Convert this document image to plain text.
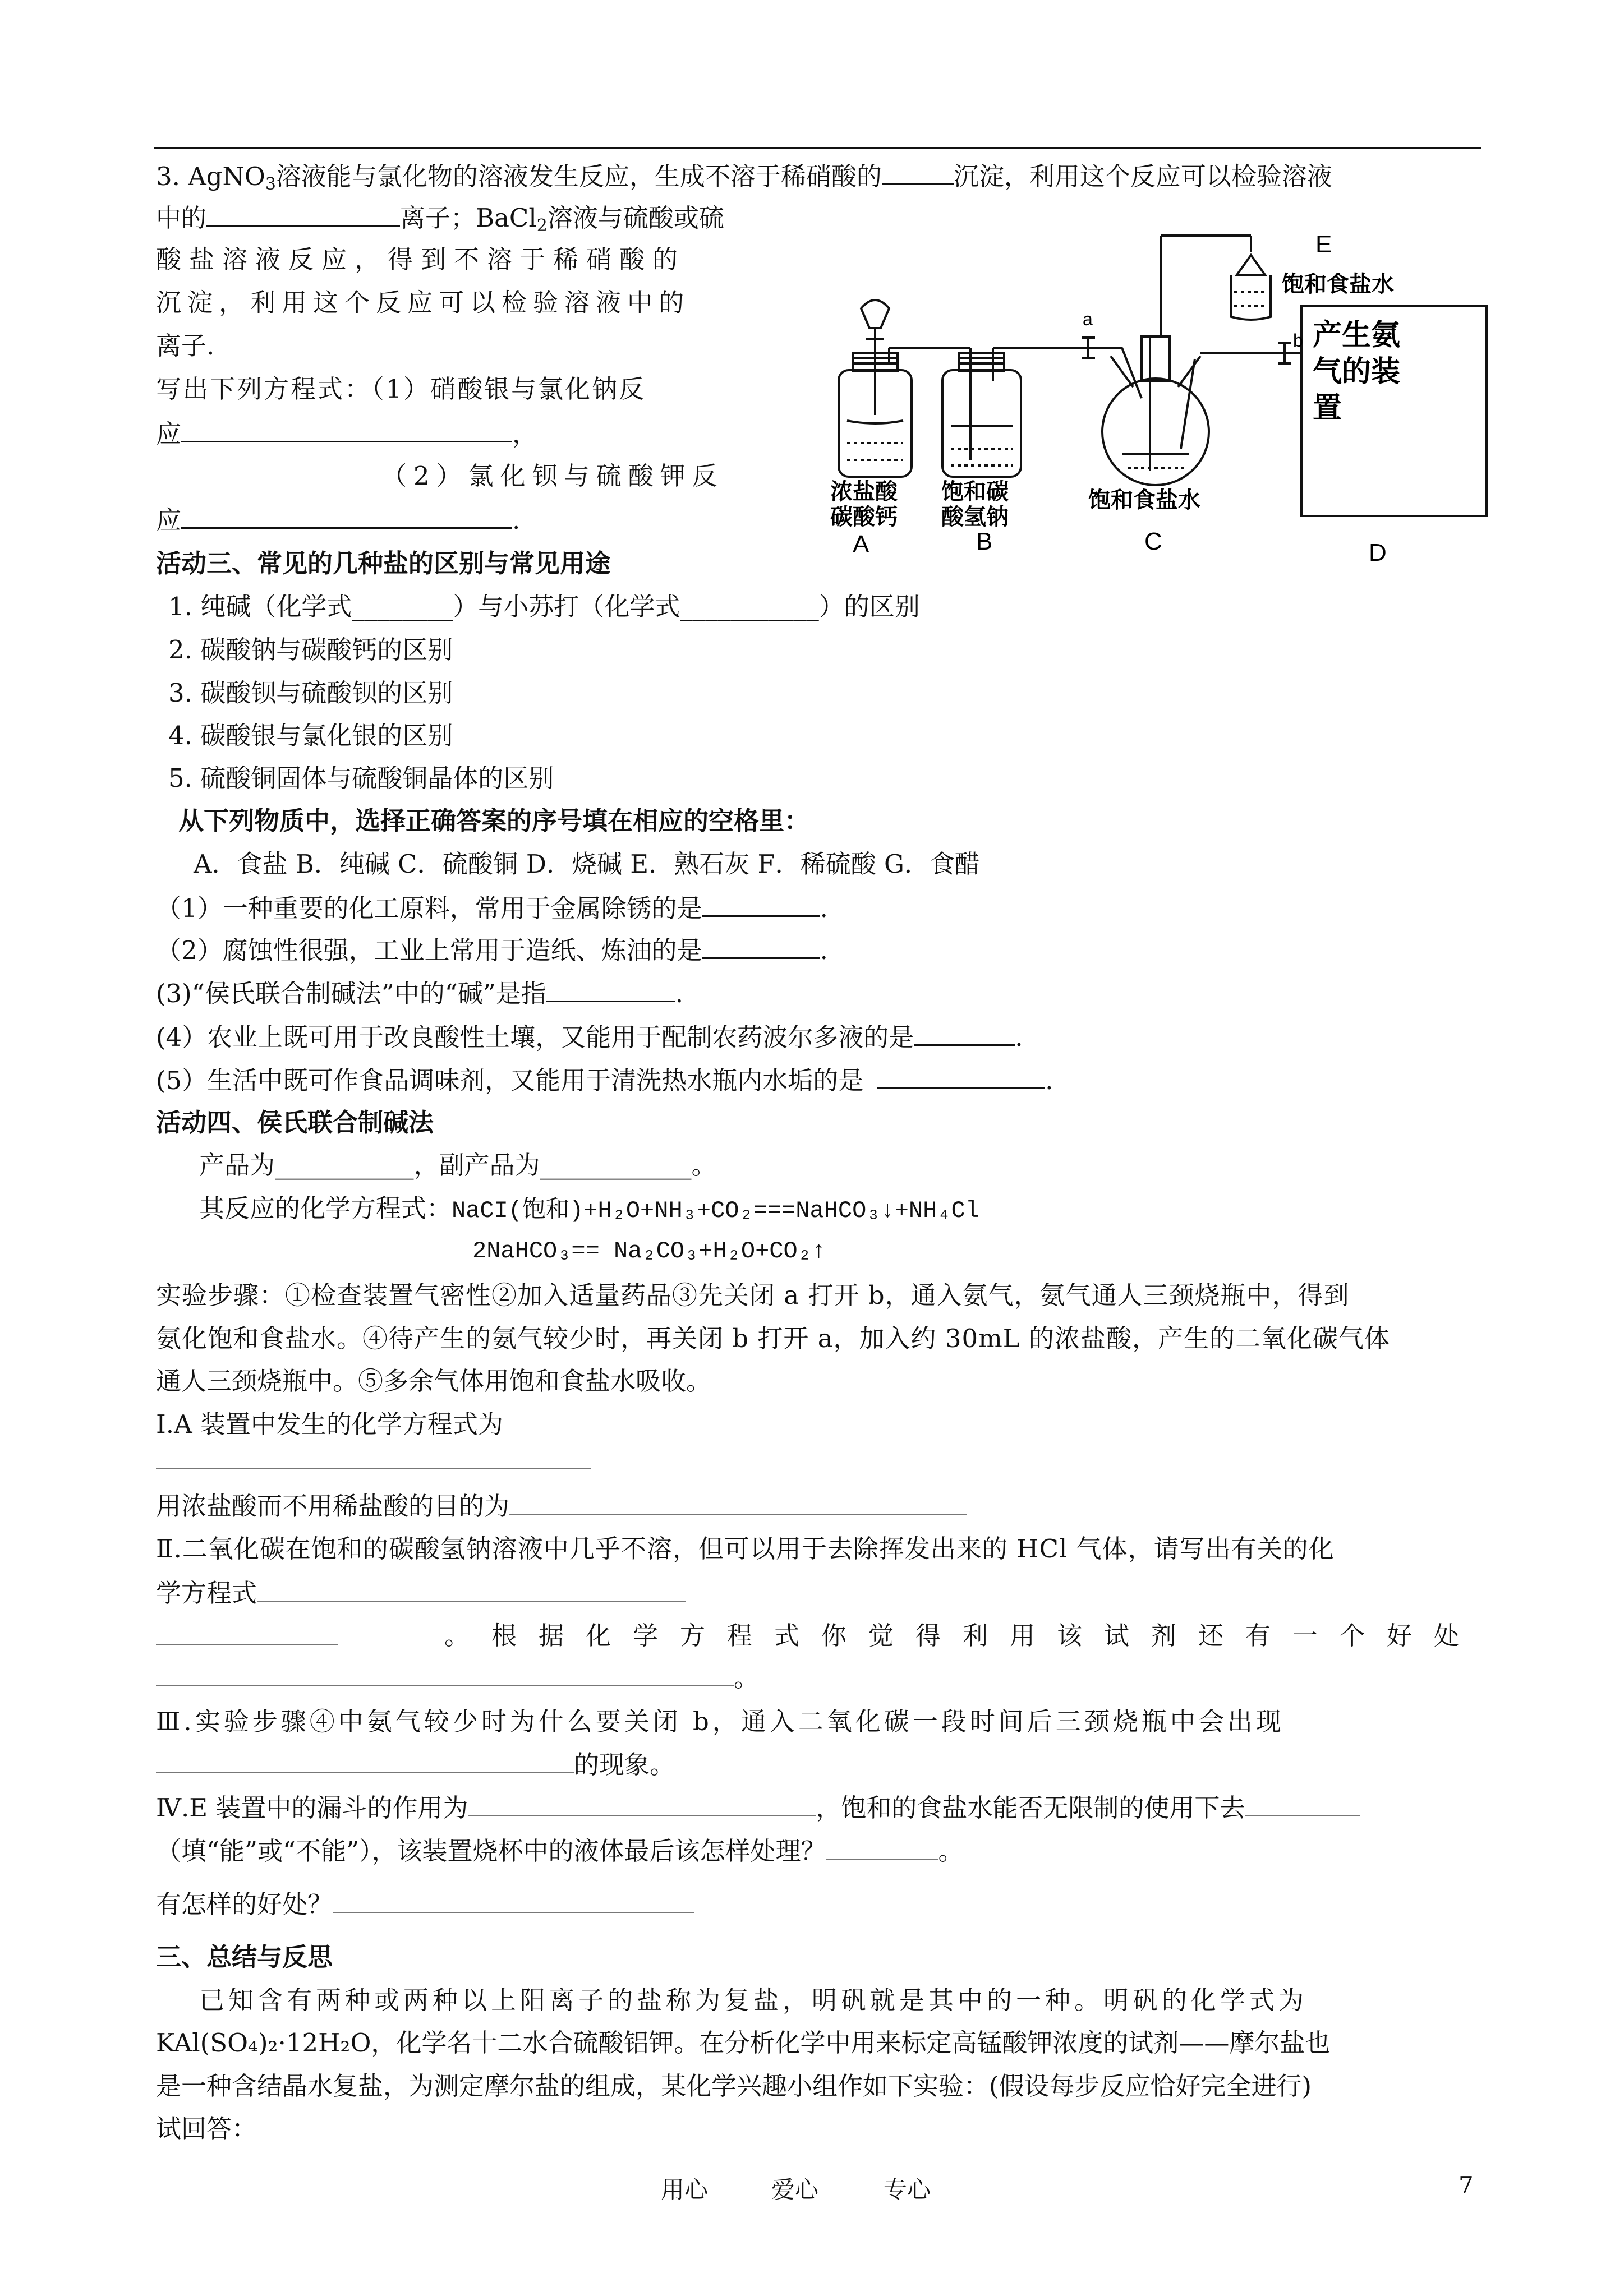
3. AgNO$_3$溶液能与氯化物的溶液发生反应，生成不溶于稀硝酸的	沉淀，利用这个反应可以检验溶液
中的	离子；BaCl$_2$溶液与硫酸或硫
酸盐溶液反应，得到不溶于稀硝酸的
沉淀，利用这个反应可以检验溶液中的
离子.
写出下列方程式：（1）硝酸银与氯化钠反
应	，
（2）氯化钡与硫酸钾反
应	.
浓盐酸
碳酸钙
饱和碳
酸氢钠
饱和食盐水
产生氨
气的装
置
饱和食盐水
A	B	C	D
E
a
b
活动三、常见的几种盐的区别与常见用途
1. 纯碱（化学式________）与小苏打（化学式___________）的区别
2. 碳酸钠与碳酸钙的区别
3. 碳酸钡与硫酸钡的区别
4. 碳酸银与氯化银的区别
5. 硫酸铜固体与硫酸铜晶体的区别
从下列物质中，选择正确答案的序号填在相应的空格里：
A．食盐 B．纯碱 C．硫酸铜 D．烧碱 E．熟石灰 F．稀硫酸 G．食醋
（1）一种重要的化工原料，常用于金属除锈的是	.
（2）腐蚀性很强，工业上常用于造纸、炼油的是	.
(3)“侯氏联合制碱法”中的“碱”是指	.
(4）农业上既可用于改良酸性土壤，又能用于配制农药波尔多液的是	.
(5）生活中既可作食品调味剂，又能用于清洗热水瓶内水垢的是	.
活动四、侯氏联合制碱法
产品为___________，副产品为____________。
其反应的化学方程式：NaCI(饱和)+H₂O+NH₃+CO₂===NaHCO₃↓+NH₄Cl
2NaHCO₃== Na₂CO₃+H₂O+CO₂↑
实验步骤：①检查装置气密性②加入适量药品③先关闭 a 打开 b，通入氨气，氨气通人三颈烧瓶中，得到
氨化饱和食盐水。④待产生的氨气较少时，再关闭 b 打开 a，加入约 30mL 的浓盐酸，产生的二氧化碳气体
通人三颈烧瓶中。⑤多余气体用饱和食盐水吸收。
Ⅰ.A 装置中发生的化学方程式为
用浓盐酸而不用稀盐酸的目的为
Ⅱ.二氧化碳在饱和的碳酸氢钠溶液中几乎不溶，但可以用于去除挥发出来的 HCl 气体，请写出有关的化
学方程式
。根据化学方程式你觉得利用该试剂还有一个好处
。
Ⅲ.实验步骤④中氨气较少时为什么要关闭 b，通入二氧化碳一段时间后三颈烧瓶中会出现
的现象。
Ⅳ.E 装置中的漏斗的作用为	，饱和的食盐水能否无限制的使用下去
（填“能”或“不能”），该装置烧杯中的液体最后该怎样处理？	。
有怎样的好处？
三、总结与反思
已知含有两种或两种以上阳离子的盐称为复盐，明矾就是其中的一种。明矾的化学式为
KAl(SO₄)₂·12H₂O，化学名十二水合硫酸铝钾。在分析化学中用来标定高锰酸钾浓度的试剂——摩尔盐也
是一种含结晶水复盐，为测定摩尔盐的组成，某化学兴趣小组作如下实验：(假设每步反应恰好完全进行)
试回答：
用心	爱心	专心	7
